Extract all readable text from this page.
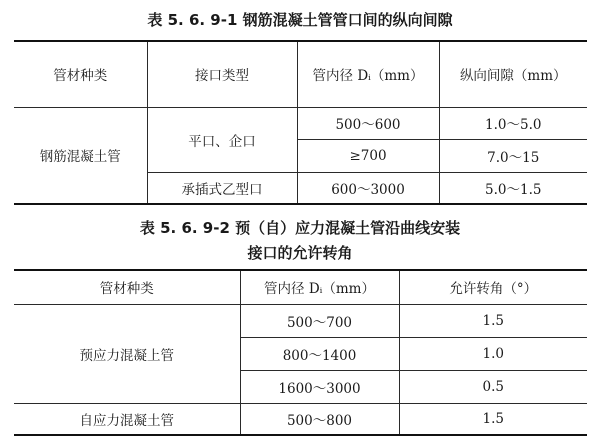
表 5. 6. 9-1 钢筋混凝土管管口间的纵向间隙
管材种类	接口类型	管内径 Dᵢ（mm）	纵向间隙（mm）
钢筋混凝土管	平口、企口	500～600	1.0～5.0
		≥700	7.0～15
	承插式乙型口	600～3000	5.0～1.5
表 5. 6. 9-2 预（自）应力混凝土管沿曲线安装
接口的允许转角
管材种类	管内径 Dᵢ（mm）	允许转角（°）
预应力混凝上管	500～700	1.5
	800～1400	1.0
	1600～3000	0.5
自应力混凝土管	500～800	1.5
